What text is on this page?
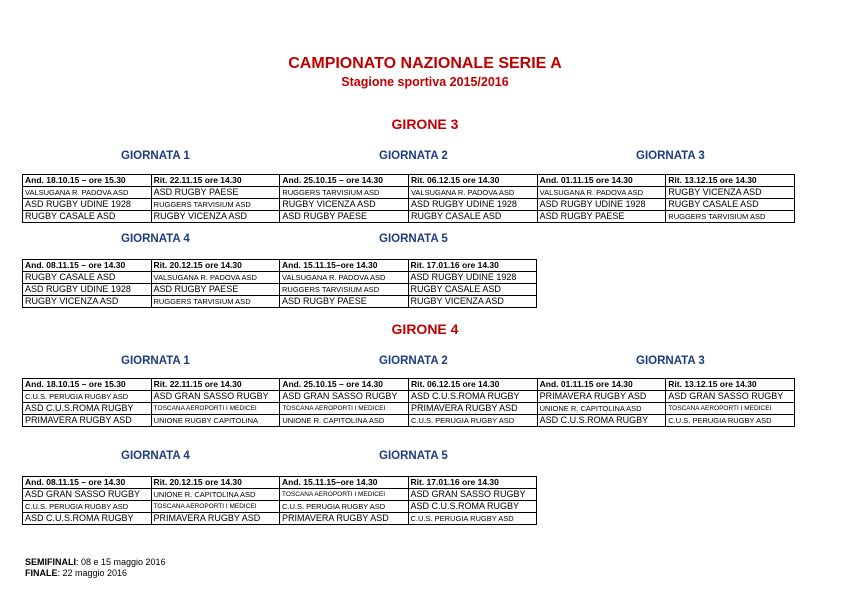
CAMPIONATO NAZIONALE SERIE A
Stagione sportiva 2015/2016
GIRONE 3
GIORNATA 1	GIORNATA 2	GIORNATA 3
And. 18.10.15 – ore 15.30	Rit. 22.11.15 ore 14.30	And. 25.10.15 – ore 14.30	Rit. 06.12.15 ore 14.30	And. 01.11.15 ore 14.30	Rit. 13.12.15 ore 14.30
VALSUGANA R. PADOVA ASD	ASD RUGBY PAESE	RUGGERS TARVISIUM ASD	VALSUGANA R. PADOVA ASD	VALSUGANA R. PADOVA ASD	RUGBY VICENZA ASD
ASD RUGBY UDINE 1928	RUGGERS TARVISIUM ASD	RUGBY VICENZA ASD	ASD RUGBY UDINE 1928	ASD RUGBY UDINE 1928	RUGBY CASALE ASD
RUGBY CASALE ASD	RUGBY VICENZA ASD	ASD RUGBY PAESE	RUGBY CASALE ASD	ASD RUGBY PAESE	RUGGERS TARVISIUM ASD
GIORNATA 4	GIORNATA 5
And. 08.11.15 – ore 14.30	Rit. 20.12.15 ore 14.30	And. 15.11.15–ore 14.30	Rit. 17.01.16 ore 14.30
RUGBY CASALE ASD	VALSUGANA R. PADOVA ASD	VALSUGANA R. PADOVA ASD	ASD RUGBY UDINE 1928
ASD RUGBY UDINE 1928	ASD RUGBY PAESE	RUGGERS TARVISIUM ASD	RUGBY CASALE ASD
RUGBY VICENZA ASD	RUGGERS TARVISIUM ASD	ASD RUGBY PAESE	RUGBY VICENZA ASD
GIRONE 4
GIORNATA 1	GIORNATA 2	GIORNATA 3
And. 18.10.15 – ore 15.30	Rit. 22.11.15 ore 14.30	And. 25.10.15 – ore 14.30	Rit. 06.12.15 ore 14.30	And. 01.11.15 ore 14.30	Rit. 13.12.15 ore 14.30
C.U.S. PERUGIA RUGBY ASD	ASD GRAN SASSO RUGBY	ASD GRAN SASSO RUGBY	ASD C.U.S.ROMA RUGBY	PRIMAVERA RUGBY ASD	ASD GRAN SASSO RUGBY
ASD C.U.S.ROMA RUGBY	TOSCANA AEROPORTI I MEDICEI	TOSCANA AEROPORTI I MEDICEI	PRIMAVERA RUGBY ASD	UNIONE R. CAPITOLINA ASD	TOSCANA AEROPORTI I MEDICEI
PRIMAVERA RUGBY ASD	UNIONE RUGBY CAPITOLINA	UNIONE R. CAPITOLINA ASD	C.U.S. PERUGIA RUGBY ASD	ASD C.U.S.ROMA RUGBY	C.U.S. PERUGIA RUGBY ASD
GIORNATA 4	GIORNATA 5
And. 08.11.15 – ore 14.30	Rit. 20.12.15 ore 14.30	And. 15.11.15–ore 14.30	Rit. 17.01.16 ore 14.30
ASD GRAN SASSO RUGBY	UNIONE R. CAPITOLINA ASD	TOSCANA AEROPORTI I MEDICEI	ASD GRAN SASSO RUGBY
C.U.S. PERUGIA RUGBY ASD	TOSCANA AEROPORTI I MEDICEI	C.U.S. PERUGIA RUGBY ASD	ASD C.U.S.ROMA RUGBY
ASD C.U.S.ROMA RUGBY	PRIMAVERA RUGBY ASD	PRIMAVERA RUGBY ASD	C.U.S. PERUGIA RUGBY ASD
SEMIFINALI: 08 e 15 maggio 2016
FINALE: 22 maggio 2016
